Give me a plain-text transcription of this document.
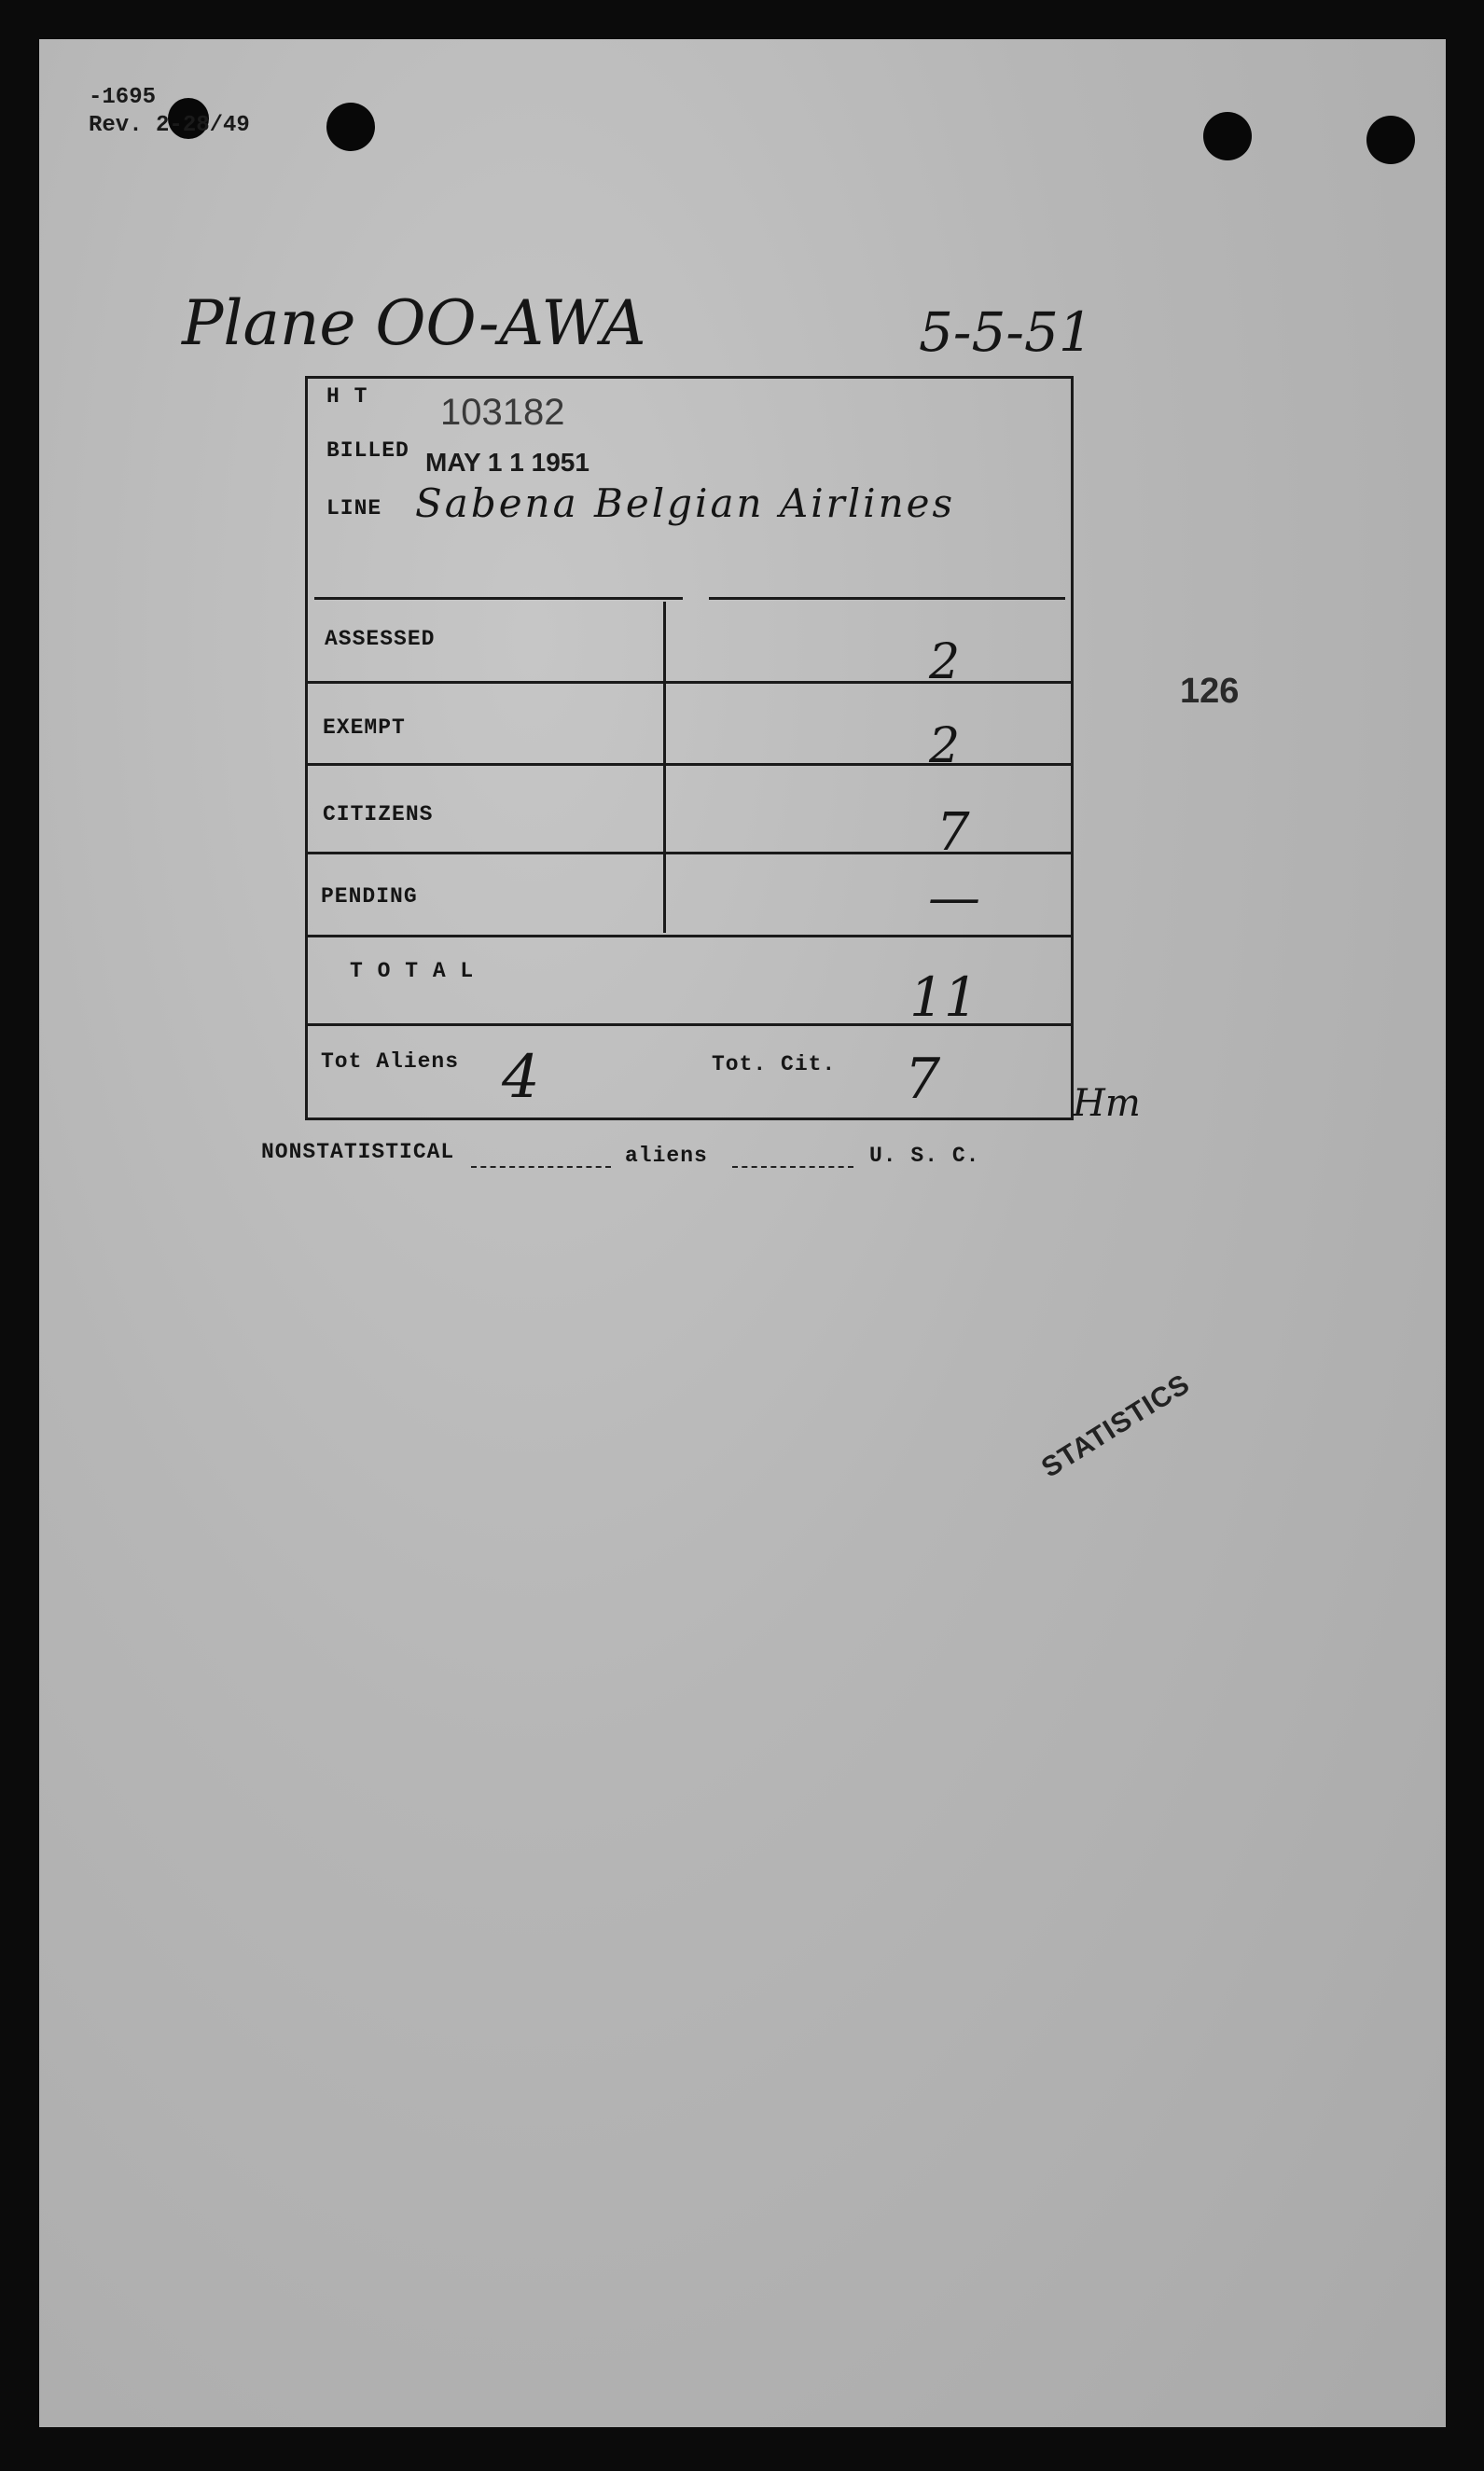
-1695
Rev. 2-28/49
Plane OO-AWA	5-5-51
H T 103182
BILLED MAY 1 1 1951
LINE Sabena Belgian Airlines
ASSESSED	2
EXEMPT	2
CITIZENS	7
PENDING	—
T O T A L	11
Tot Aliens 4	Tot. Cit. 7	Hm
NONSTATISTICAL	aliens	U. S. C.
126
STATISTICS
